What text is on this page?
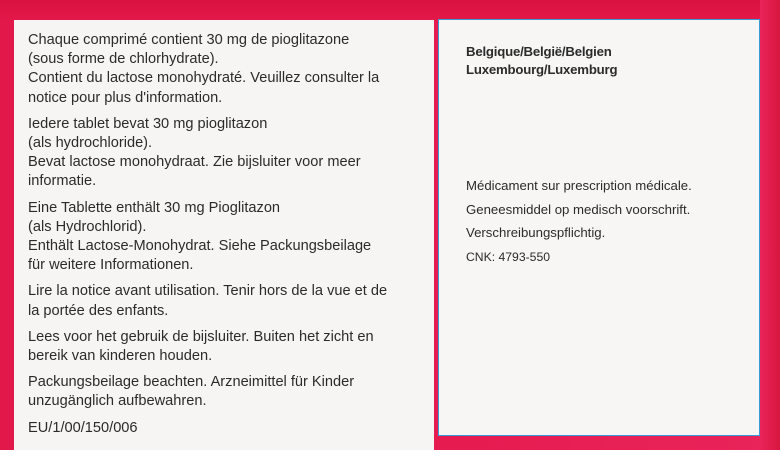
Chaque comprimé contient 30 mg de pioglitazone
(sous forme de chlorhydrate).
Contient du lactose monohydraté. Veuillez consulter la
notice pour plus d'information.

Iedere tablet bevat 30 mg pioglitazon
(als hydrochloride).
Bevat lactose monohydraat. Zie bijsluiter voor meer
informatie.

Eine Tablette enthält 30 mg Pioglitazon
(als Hydrochlorid).
Enthält Lactose-Monohydrat. Siehe Packungsbeilage
für weitere Informationen.

Lire la notice avant utilisation. Tenir hors de la vue et de
la portée des enfants.

Lees voor het gebruik de bijsluiter. Buiten het zicht en
bereik van kinderen houden.

Packungsbeilage beachten. Arzneimittel für Kinder
unzugänglich aufbewahren.

EU/1/00/150/006

Belgique/België/Belgien
Luxembourg/Luxemburg
Médicament sur prescription médicale.
Geneesmiddel op medisch voorschrift.
Verschreibungspflichtig.
CNK: 4793-550
